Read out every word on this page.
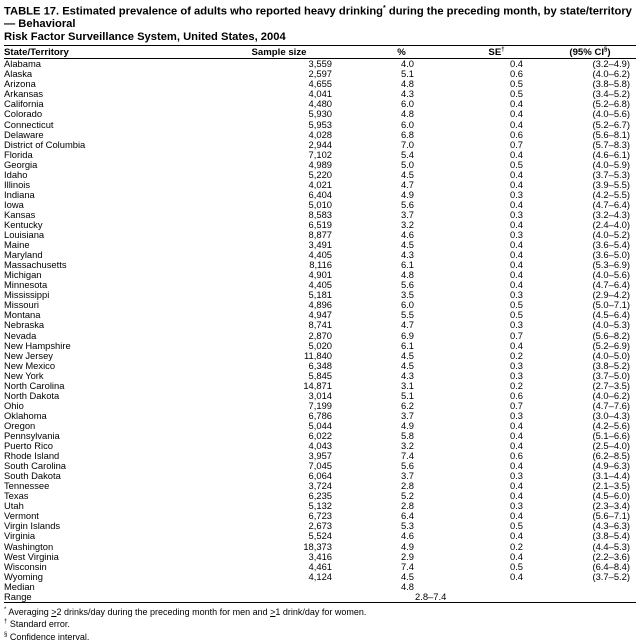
TABLE 17. Estimated prevalence of adults who reported heavy drinking* during the preceding month, by state/territory — Behavioral
Risk Factor Surveillance System, United States, 2004
State/Territory	Sample size	%	SE†	(95% CI§)
Alabama	3,559	4.0	0.4	(3.2–4.9)
Alaska	2,597	5.1	0.6	(4.0–6.2)
Arizona	4,655	4.8	0.5	(3.8–5.8)
Arkansas	4,041	4.3	0.5	(3.4–5.2)
California	4,480	6.0	0.4	(5.2–6.8)
Colorado	5,930	4.8	0.4	(4.0–5.6)
Connecticut	5,953	6.0	0.4	(5.2–6.7)
Delaware	4,028	6.8	0.6	(5.6–8.1)
District of Columbia	2,944	7.0	0.7	(5.7–8.3)
Florida	7,102	5.4	0.4	(4.6–6.1)
Georgia	4,989	5.0	0.5	(4.0–5.9)
Idaho	5,220	4.5	0.4	(3.7–5.3)
Illinois	4,021	4.7	0.4	(3.9–5.5)
Indiana	6,404	4.9	0.3	(4.2–5.5)
Iowa	5,010	5.6	0.4	(4.7–6.4)
Kansas	8,583	3.7	0.3	(3.2–4.3)
Kentucky	6,519	3.2	0.4	(2.4–4.0)
Louisiana	8,877	4.6	0.3	(4.0–5.2)
Maine	3,491	4.5	0.4	(3.6–5.4)
Maryland	4,405	4.3	0.4	(3.6–5.0)
Massachusetts	8,116	6.1	0.4	(5.3–6.9)
Michigan	4,901	4.8	0.4	(4.0–5.6)
Minnesota	4,405	5.6	0.4	(4.7–6.4)
Mississippi	5,181	3.5	0.3	(2.9–4.2)
Missouri	4,896	6.0	0.5	(5.0–7.1)
Montana	4,947	5.5	0.5	(4.5–6.4)
Nebraska	8,741	4.7	0.3	(4.0–5.3)
Nevada	2,870	6.9	0.7	(5.6–8.2)
New Hampshire	5,020	6.1	0.4	(5.2–6.9)
New Jersey	11,840	4.5	0.2	(4.0–5.0)
New Mexico	6,348	4.5	0.3	(3.8–5.2)
New York	5,845	4.3	0.3	(3.7–5.0)
North Carolina	14,871	3.1	0.2	(2.7–3.5)
North Dakota	3,014	5.1	0.6	(4.0–6.2)
Ohio	7,199	6.2	0.7	(4.7–7.6)
Oklahoma	6,786	3.7	0.3	(3.0–4.3)
Oregon	5,044	4.9	0.4	(4.2–5.6)
Pennsylvania	6,022	5.8	0.4	(5.1–6.6)
Puerto Rico	4,043	3.2	0.4	(2.5–4.0)
Rhode Island	3,957	7.4	0.6	(6.2–8.5)
South Carolina	7,045	5.6	0.4	(4.9–6.3)
South Dakota	6,064	3.7	0.3	(3.1–4.4)
Tennessee	3,724	2.8	0.4	(2.1–3.5)
Texas	6,235	5.2	0.4	(4.5–6.0)
Utah	5,132	2.8	0.3	(2.3–3.4)
Vermont	6,723	6.4	0.4	(5.6–7.1)
Virgin Islands	2,673	5.3	0.5	(4.3–6.3)
Virginia	5,524	4.6	0.4	(3.8–5.4)
Washington	18,373	4.9	0.2	(4.4–5.3)
West Virginia	3,416	2.9	0.4	(2.2–3.6)
Wisconsin	4,461	7.4	0.5	(6.4–8.4)
Wyoming	4,124	4.5	0.4	(3.7–5.2)
Median		4.8		
Range		2.8–7.4		
* Averaging >2 drinks/day during the preceding month for men and >1 drink/day for women.
† Standard error.
§ Confidence interval.
